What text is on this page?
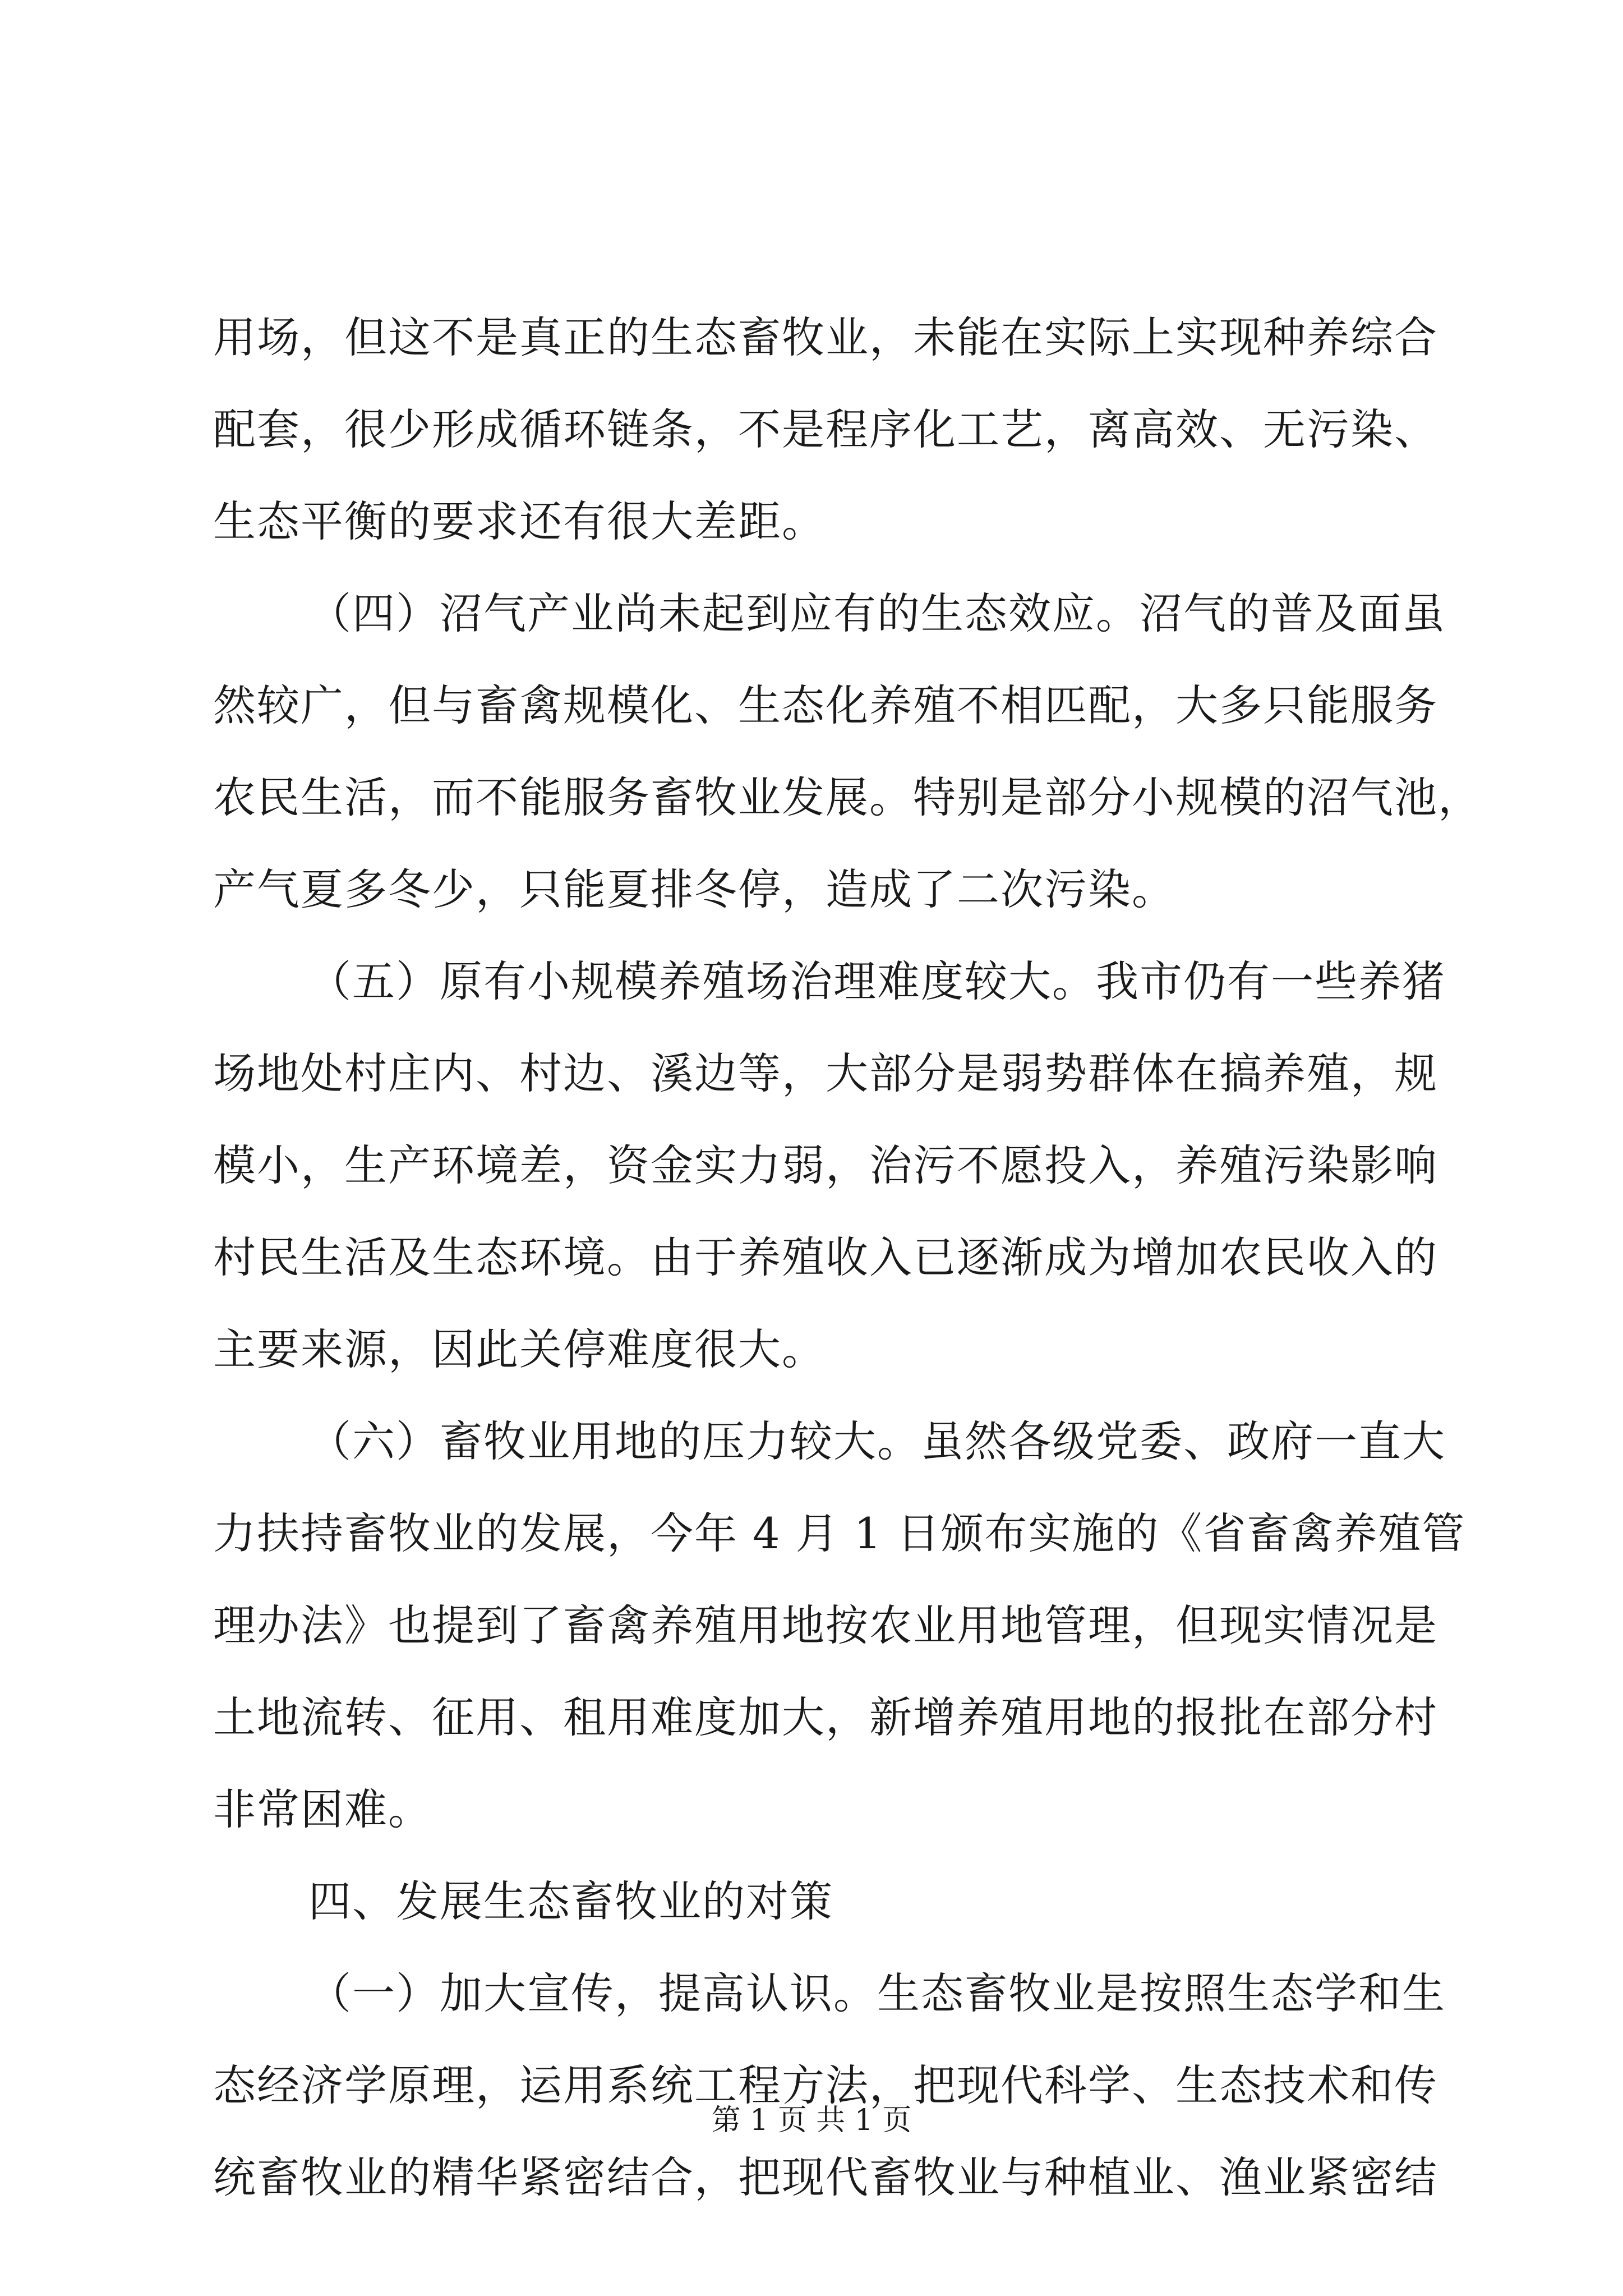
用场，但这不是真正的生态畜牧业，未能在实际上实现种养综合
配套，很少形成循环链条，不是程序化工艺，离高效、无污染、
生态平衡的要求还有很大差距。
（四）沼气产业尚未起到应有的生态效应。沼气的普及面虽
然较广，但与畜禽规模化、生态化养殖不相匹配，大多只能服务
农民生活，而不能服务畜牧业发展。特别是部分小规模的沼气池，
产气夏多冬少，只能夏排冬停，造成了二次污染。
（五）原有小规模养殖场治理难度较大。我市仍有一些养猪
场地处村庄内、村边、溪边等，大部分是弱势群体在搞养殖，规
模小，生产环境差，资金实力弱，治污不愿投入，养殖污染影响
村民生活及生态环境。由于养殖收入已逐渐成为增加农民收入的
主要来源，因此关停难度很大。
（六）畜牧业用地的压力较大。虽然各级党委、政府一直大
力扶持畜牧业的发展，今年 4 月 1 日颁布实施的《省畜禽养殖管
理办法》也提到了畜禽养殖用地按农业用地管理，但现实情况是
土地流转、征用、租用难度加大，新增养殖用地的报批在部分村
非常困难。
四、发展生态畜牧业的对策
（一）加大宣传，提高认识。生态畜牧业是按照生态学和生
态经济学原理，运用系统工程方法，把现代科学、生态技术和传
统畜牧业的精华紧密结合，把现代畜牧业与种植业、渔业紧密结
第 1 页 共 1 页
